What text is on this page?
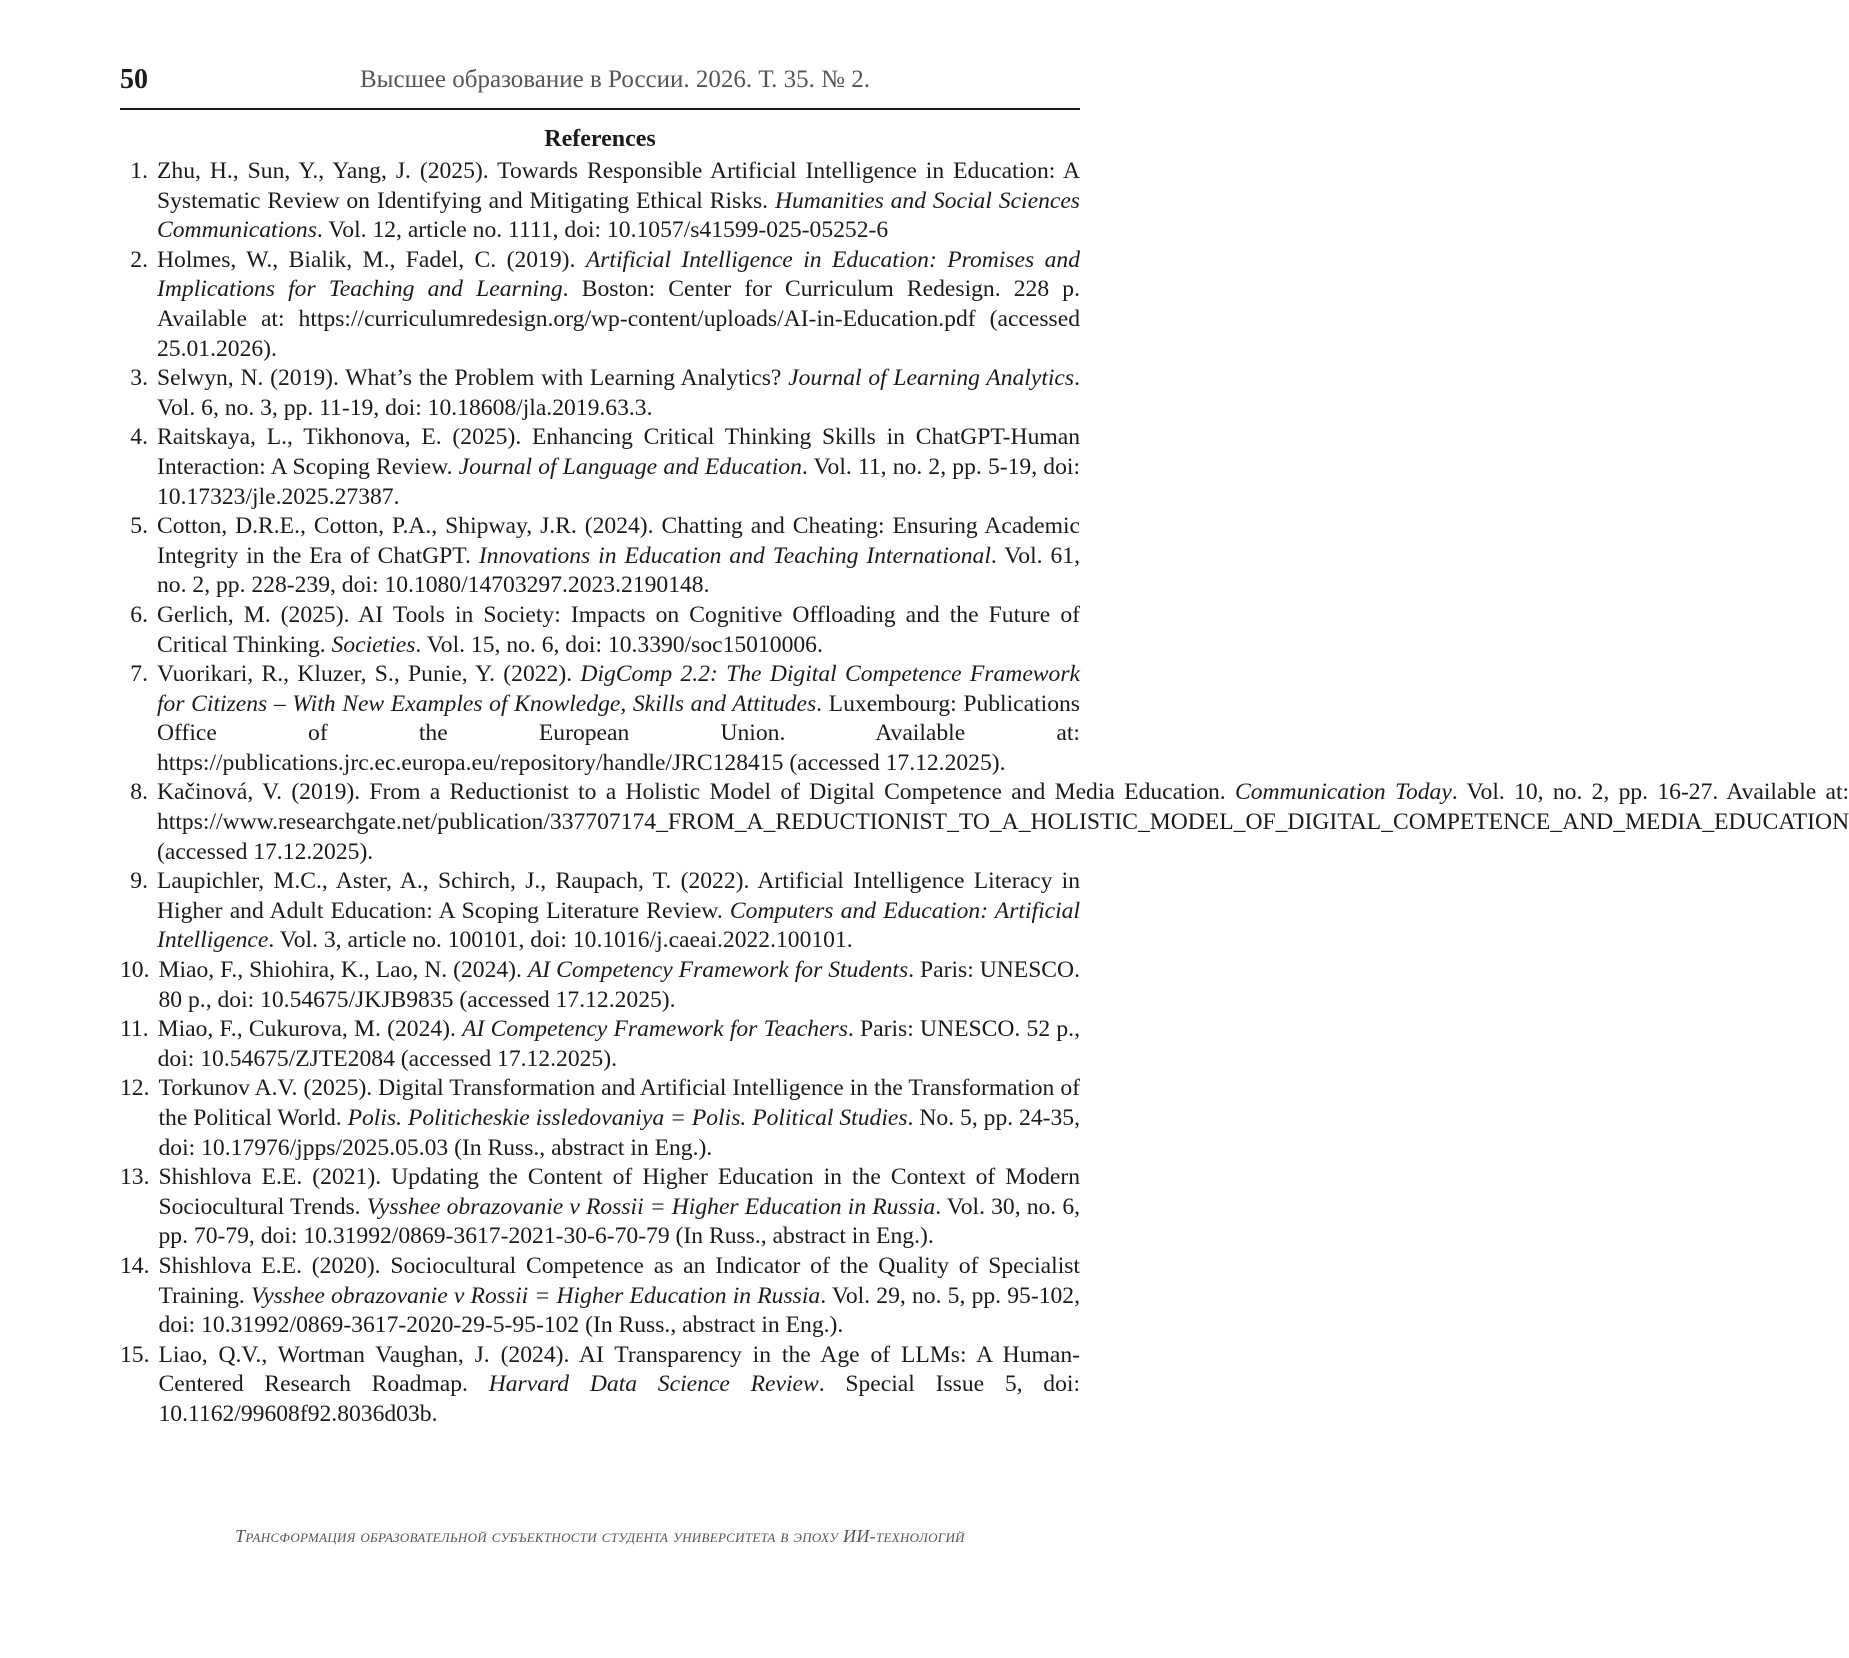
50	Высшее образование в России. 2026. Т. 35. № 2.
References
1. Zhu, H., Sun, Y., Yang, J. (2025). Towards Responsible Artificial Intelligence in Education: A Systematic Review on Identifying and Mitigating Ethical Risks. Humanities and Social Sciences Communications. Vol. 12, article no. 1111, doi: 10.1057/s41599-025-05252-6
2. Holmes, W., Bialik, M., Fadel, C. (2019). Artificial Intelligence in Education: Promises and Implications for Teaching and Learning. Boston: Center for Curriculum Redesign. 228 p. Available at: https://curriculumredesign.org/wp-content/uploads/AI-in-Education.pdf (accessed 25.01.2026).
3. Selwyn, N. (2019). What’s the Problem with Learning Analytics? Journal of Learning Analytics. Vol. 6, no. 3, pp. 11-19, doi: 10.18608/jla.2019.63.3.
4. Raitskaya, L., Tikhonova, E. (2025). Enhancing Critical Thinking Skills in ChatGPT-Human Interaction: A Scoping Review. Journal of Language and Education. Vol. 11, no. 2, pp. 5-19, doi: 10.17323/jle.2025.27387.
5. Cotton, D.R.E., Cotton, P.A., Shipway, J.R. (2024). Chatting and Cheating: Ensuring Academic Integrity in the Era of ChatGPT. Innovations in Education and Teaching International. Vol. 61, no. 2, pp. 228-239, doi: 10.1080/14703297.2023.2190148.
6. Gerlich, M. (2025). AI Tools in Society: Impacts on Cognitive Offloading and the Future of Critical Thinking. Societies. Vol. 15, no. 6, doi: 10.3390/soc15010006.
7. Vuorikari, R., Kluzer, S., Punie, Y. (2022). DigComp 2.2: The Digital Competence Framework for Citizens – With New Examples of Knowledge, Skills and Attitudes. Luxembourg: Publications Office of the European Union. Available at: https://publications.jrc.ec.europa.eu/repository/handle/JRC128415 (accessed 17.12.2025).
8. Kačinová, V. (2019). From a Reductionist to a Holistic Model of Digital Competence and Media Education. Communication Today. Vol. 10, no. 2, pp. 16-27. Available at: https://www.researchgate.net/publication/337707174_FROM_A_REDUCTIONIST_TO_A_HOLISTIC_MODEL_OF_DIGITAL_COMPETENCE_AND_MEDIA_EDUCATION (accessed 17.12.2025).
9. Laupichler, M.C., Aster, A., Schirch, J., Raupach, T. (2022). Artificial Intelligence Literacy in Higher and Adult Education: A Scoping Literature Review. Computers and Education: Artificial Intelligence. Vol. 3, article no. 100101, doi: 10.1016/j.caeai.2022.100101.
10. Miao, F., Shiohira, K., Lao, N. (2024). AI Competency Framework for Students. Paris: UNESCO. 80 p., doi: 10.54675/JKJB9835 (accessed 17.12.2025).
11. Miao, F., Cukurova, M. (2024). AI Competency Framework for Teachers. Paris: UNESCO. 52 p., doi: 10.54675/ZJTE2084 (accessed 17.12.2025).
12. Torkunov A.V. (2025). Digital Transformation and Artificial Intelligence in the Transformation of the Political World. Polis. Politicheskie issledovaniya = Polis. Political Studies. No. 5, pp. 24-35, doi: 10.17976/jpps/2025.05.03 (In Russ., abstract in Eng.).
13. Shishlova E.E. (2021). Updating the Content of Higher Education in the Context of Modern Sociocultural Trends. Vysshee obrazovanie v Rossii = Higher Education in Russia. Vol. 30, no. 6, pp. 70-79, doi: 10.31992/0869-3617-2021-30-6-70-79 (In Russ., abstract in Eng.).
14. Shishlova E.E. (2020). Sociocultural Competence as an Indicator of the Quality of Specialist Training. Vysshee obrazovanie v Rossii = Higher Education in Russia. Vol. 29, no. 5, pp. 95-102, doi: 10.31992/0869-3617-2020-29-5-95-102 (In Russ., abstract in Eng.).
15. Liao, Q.V., Wortman Vaughan, J. (2024). AI Transparency in the Age of LLMs: A Human-Centered Research Roadmap. Harvard Data Science Review. Special Issue 5, doi: 10.1162/99608f92.8036d03b.
Трансформация образовательной субъектности студента университета в эпоху ИИ-технологий
